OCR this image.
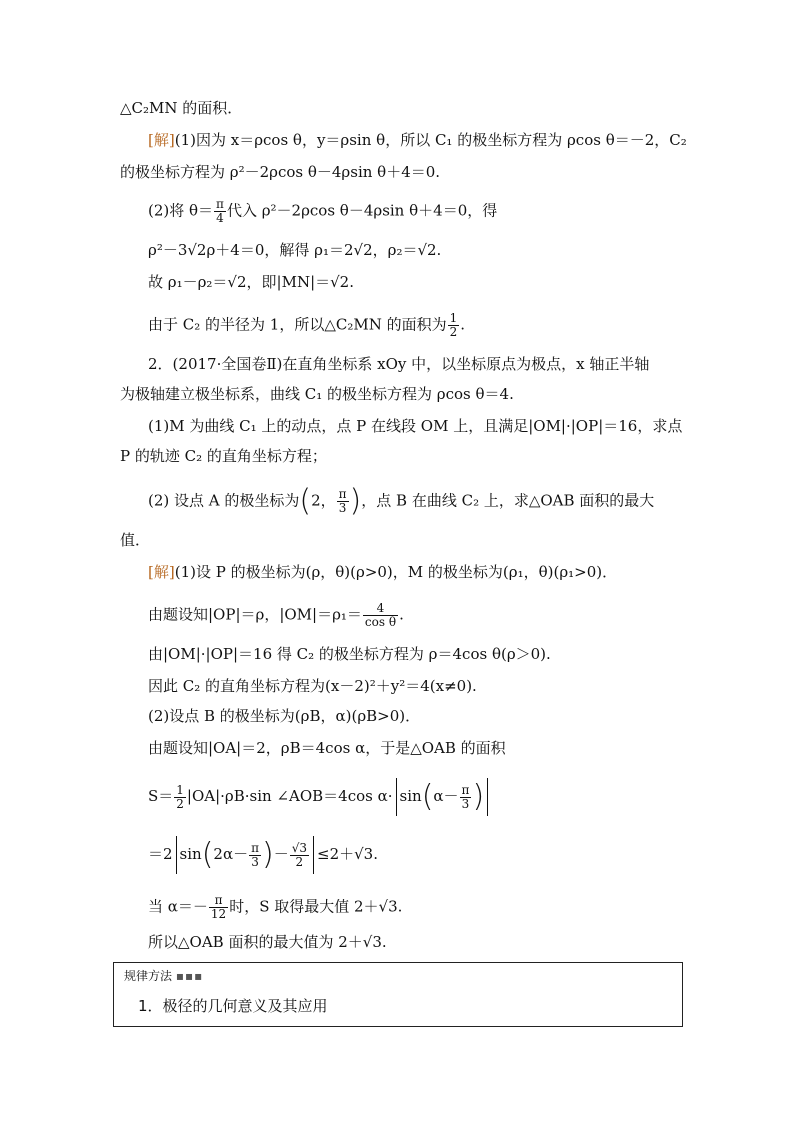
△C₂MN 的面积．
[解](1)因为 x＝ρcos θ，y＝ρsin θ，所以 C₁ 的极坐标方程为 ρcos θ＝－2，C₂
的极坐标方程为 ρ²－2ρcos θ－4ρsin θ＋4＝0.
(2)将 $\theta= \frac{\pi}{4}$ 代入 ρ²－2ρcos θ－4ρsin θ＋4＝0，得
ρ²－3√2ρ＋4＝0，解得 ρ₁＝2√2，ρ₂＝√2.
故 ρ₁－ρ₂＝√2，即|MN|＝√2.
由于 C₂ 的半径为 1，所以△C₂MN 的面积为 $\frac{1}{2}$ .
2．(2017·全国卷Ⅱ)在直角坐标系 xOy 中，以坐标原点为极点，x 轴正半轴
为极轴建立极坐标系，曲线 C₁ 的极坐标方程为 ρcos θ＝4.
(1)M 为曲线 C₁ 上的动点，点 P 在线段 OM 上，且满足|OM|·|OP|＝16，求点
P 的轨迹 C₂ 的直角坐标方程；
(2) 设点 A 的极坐标为(2， $\frac{\pi}{3}$ )，点 B 在曲线 C₂ 上，求△OAB 面积的最大
值．
[解](1)设 P 的极坐标为(ρ，θ)(ρ>0)，M 的极坐标为(ρ₁，θ)(ρ₁>0)．
由题设知|OP|＝ρ，$|OM|=\rho_1= \frac{4}{\text{cos θ}}$ .
由|OM|·|OP|＝16 得 C₂ 的极坐标方程为 ρ＝4cos θ(ρ＞0).
因此 C₂ 的直角坐标方程为(x－2)²＋y²＝4(x≠0).
(2)设点 B 的极坐标为(ρB，α)(ρB>0)．
由题设知|OA|＝2，ρB＝4cos α，于是△OAB 的面积
$S= \frac{1}{2} |OA|\cdot\rho B\cdot\sin$ ∠AOB＝4cos $\alpha\cdot \sin(\alpha- \frac{\pi}{3}$ )
＝2 $\sin(2\alpha- \frac{\pi}{3}$ )－ $\frac{√3}{2} \le 2+√3$.
当 $\alpha=- \frac{\pi}{12}$ 时，S 取得最大值 2＋√3.
所以△OAB 面积的最大值为 2＋√3.
规律方法 ▪▪▪
1．极径的几何意义及其应用
